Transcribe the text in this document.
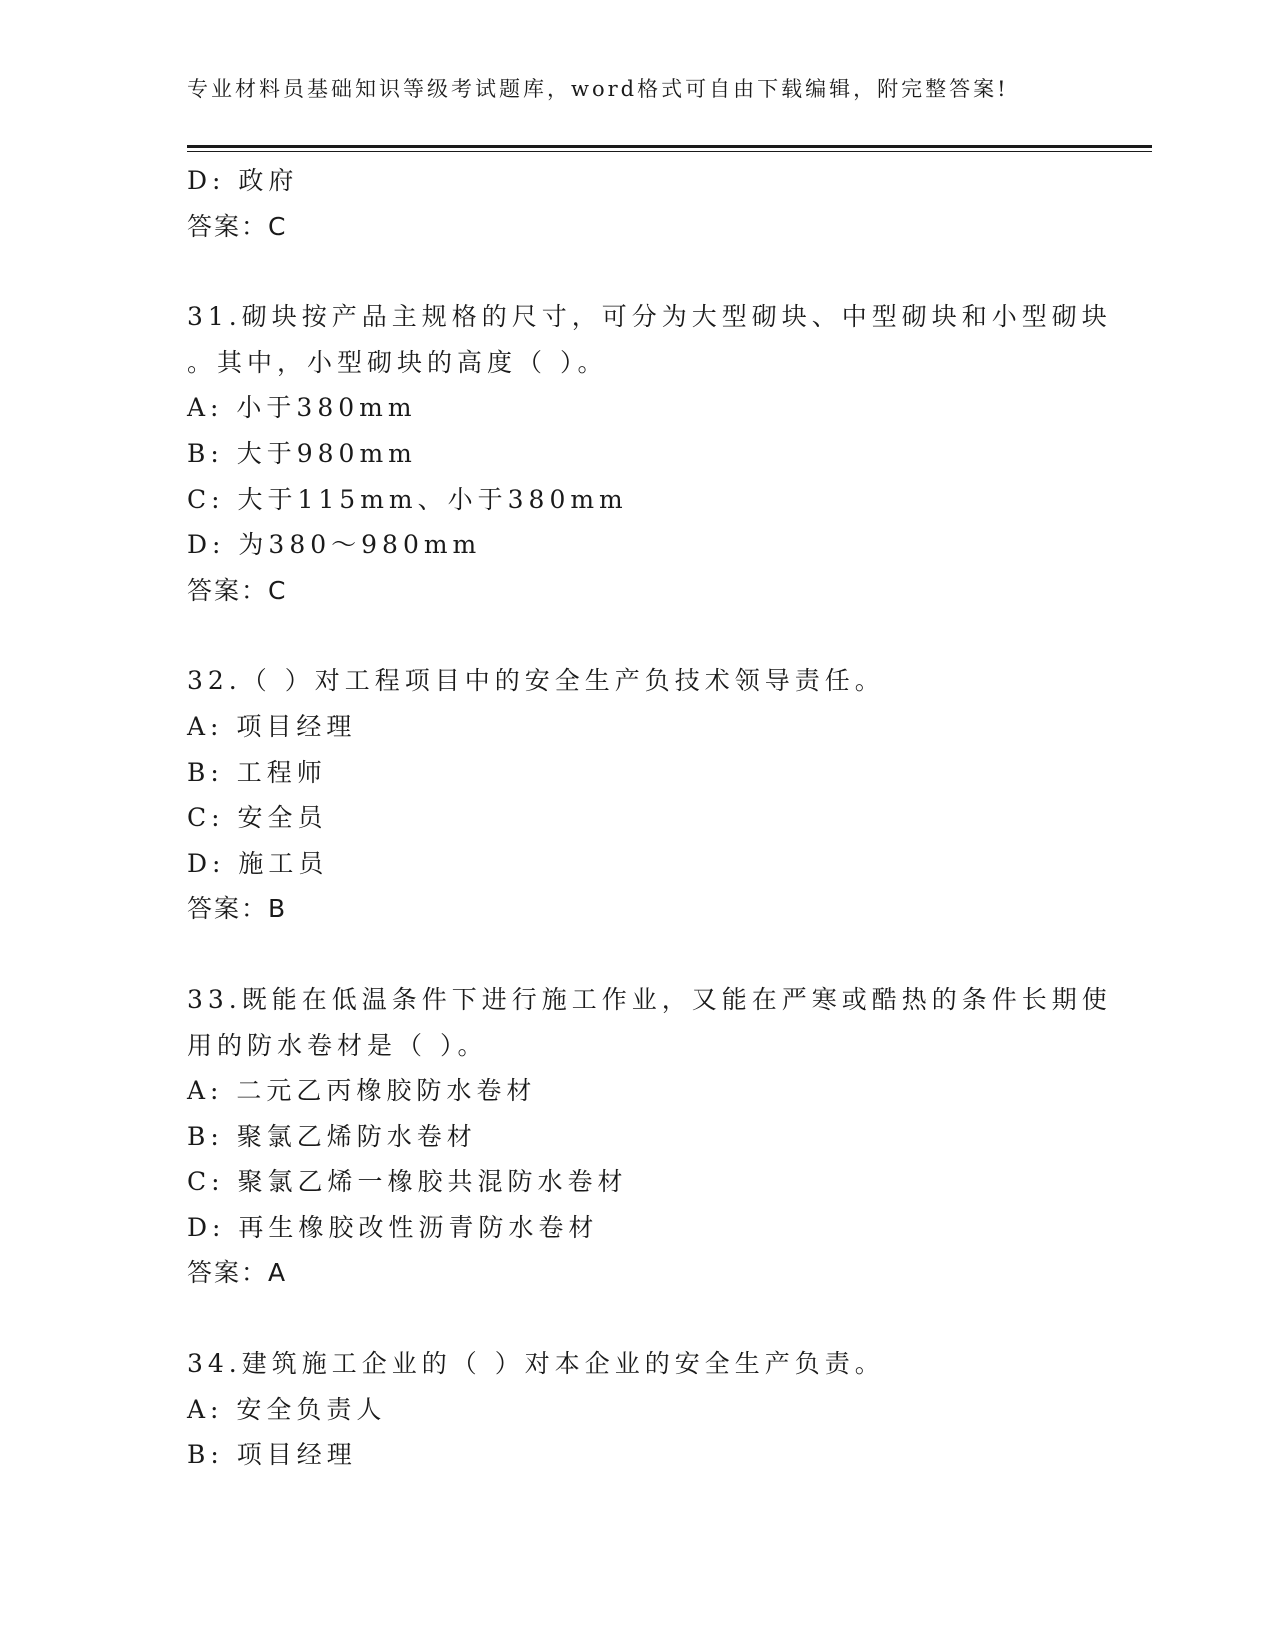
专业材料员基础知识等级考试题库，word格式可自由下载编辑，附完整答案!
D: 政府
答案：C
31.砌块按产品主规格的尺寸，可分为大型砌块、中型砌块和小型砌块
。其中，小型砌块的高度（ ）。
A: 小于380mm
B: 大于980mm
C: 大于115mm、小于380mm
D: 为380～980mm
答案：C
32.（ ）对工程项目中的安全生产负技术领导责任。
A: 项目经理
B: 工程师
C: 安全员
D: 施工员
答案：B
33.既能在低温条件下进行施工作业，又能在严寒或酷热的条件长期使
用的防水卷材是（ ）。
A: 二元乙丙橡胶防水卷材
B: 聚氯乙烯防水卷材
C: 聚氯乙烯一橡胶共混防水卷材
D: 再生橡胶改性沥青防水卷材
答案：A
34.建筑施工企业的（ ）对本企业的安全生产负责。
A: 安全负责人
B: 项目经理
